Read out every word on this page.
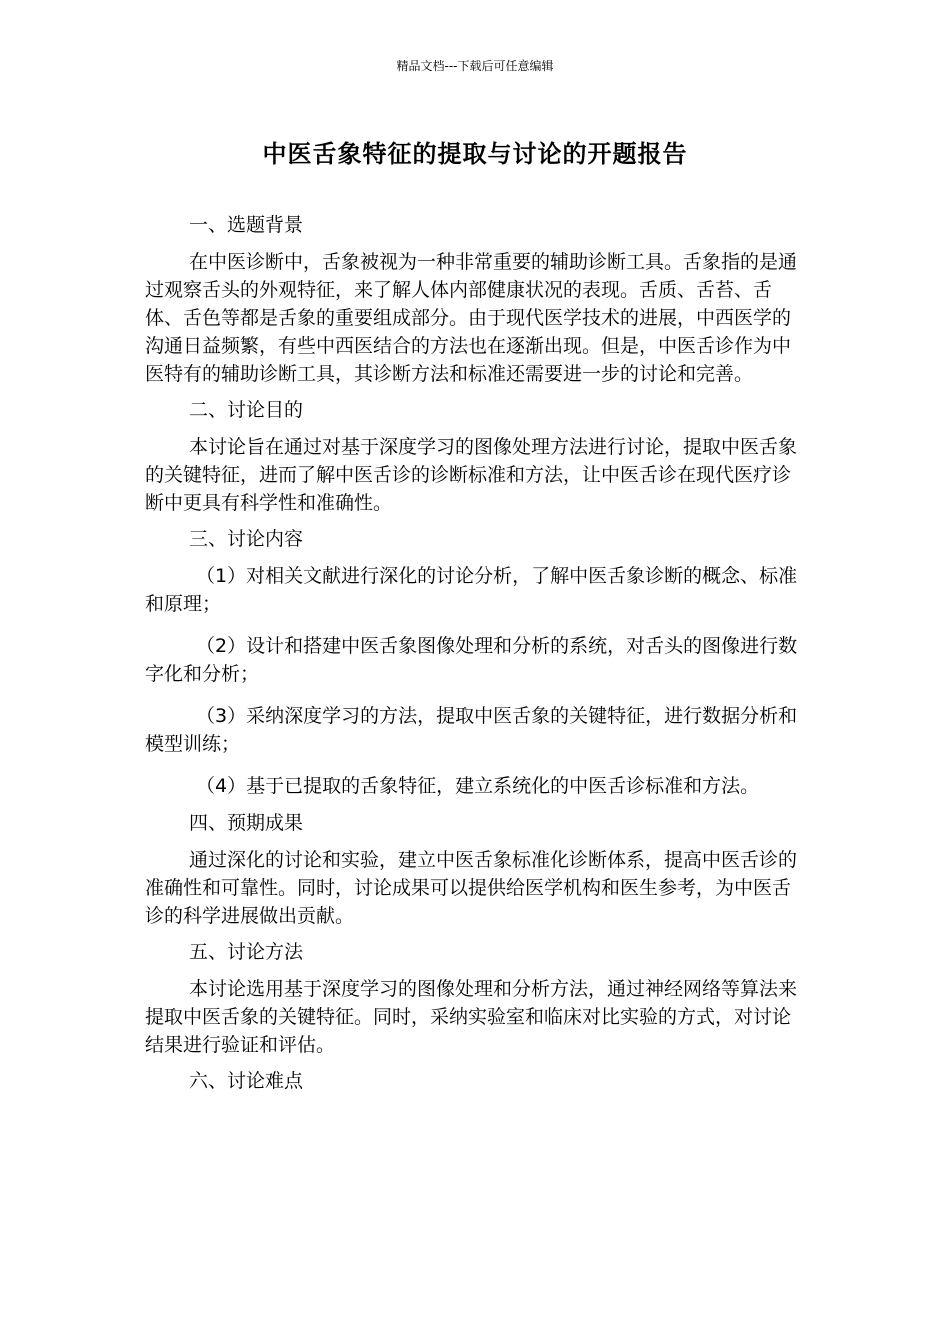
精品文档---下载后可任意编辑
中医舌象特征的提取与讨论的开题报告

一、选题背景

在中医诊断中，舌象被视为一种非常重要的辅助诊断工具。舌象指的是通过观察舌头的外观特征，来了解人体内部健康状况的表现。舌质、舌苔、舌体、舌色等都是舌象的重要组成部分。由于现代医学技术的进展，中西医学的沟通日益频繁，有些中西医结合的方法也在逐渐出现。但是，中医舌诊作为中医特有的辅助诊断工具，其诊断方法和标准还需要进一步的讨论和完善。

二、讨论目的

本讨论旨在通过对基于深度学习的图像处理方法进行讨论，提取中医舌象的关键特征，进而了解中医舌诊的诊断标准和方法，让中医舌诊在现代医疗诊断中更具有科学性和准确性。

三、讨论内容

（1）对相关文献进行深化的讨论分析，了解中医舌象诊断的概念、标准和原理；

（2）设计和搭建中医舌象图像处理和分析的系统，对舌头的图像进行数字化和分析；

（3）采纳深度学习的方法，提取中医舌象的关键特征，进行数据分析和模型训练；

（4）基于已提取的舌象特征，建立系统化的中医舌诊标准和方法。

四、预期成果

通过深化的讨论和实验，建立中医舌象标准化诊断体系，提高中医舌诊的准确性和可靠性。同时，讨论成果可以提供给医学机构和医生参考，为中医舌诊的科学进展做出贡献。

五、讨论方法

本讨论选用基于深度学习的图像处理和分析方法，通过神经网络等算法来提取中医舌象的关键特征。同时，采纳实验室和临床对比实验的方式，对讨论结果进行验证和评估。

六、讨论难点
